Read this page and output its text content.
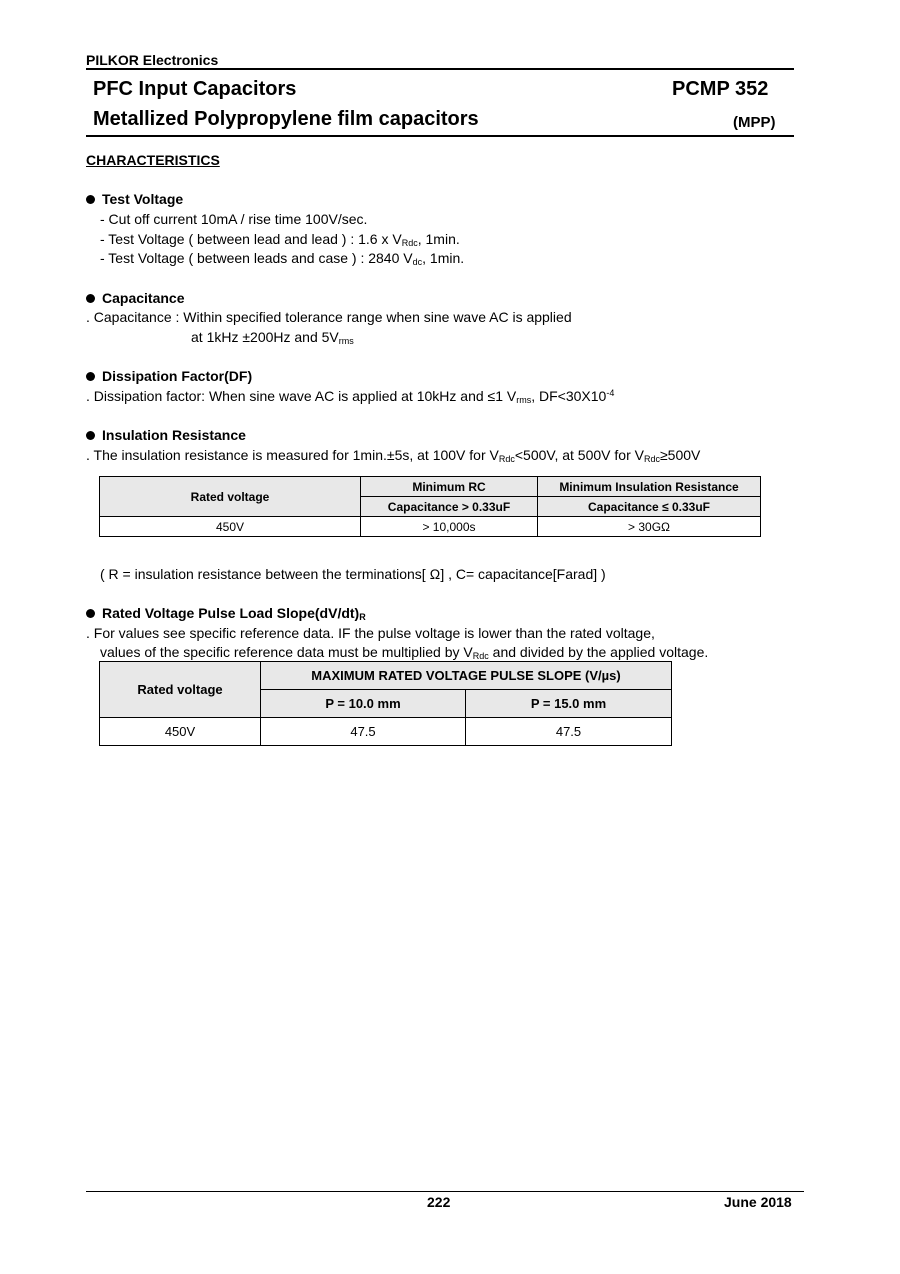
PILKOR Electronics
PFC Input Capacitors	PCMP 352
Metallized Polypropylene film capacitors	(MPP)
CHARACTERISTICS
Test Voltage
- Cut off current 10mA / rise time 100V/sec.
- Test Voltage ( between lead and lead ) : 1.6 x $V_{Rdc}$, 1min.
- Test Voltage ( between leads and case ) : 2840 $V_{dc}$, 1min.
Capacitance
. Capacitance : Within specified tolerance range when sine wave AC is applied
at 1kHz ±200Hz and $5V_{rms}$
Dissipation Factor(DF)
. Dissipation factor: When sine wave AC is applied at 10kHz and ≤1 $V_{rms}$, $DF<30X10^{-4}$
Insulation Resistance
. The insulation resistance is measured for 1min.±5s, at 100V for $V_{Rdc}<500V$, at 500V for $V_{Rdc}\ge 500V$
Rated voltage	Minimum RC	Minimum Insulation Resistance
	Capacitance > 0.33uF	Capacitance ≤ 0.33uF
450V	> 10,000s	> 30GΩ
( R = insulation resistance between the terminations[ Ω] , C= capacitance[Farad] )
Rated Voltage Pulse Load $Slope(dV/dt)_R$
. For values see specific reference data. IF the pulse voltage is lower than the rated voltage,
values of the specific reference data must be multiplied by $V_{Rdc}$ and divided by the applied voltage.
Rated voltage	MAXIMUM RATED VOLTAGE PULSE SLOPE (V/µs)	
	P = 10.0 mm	P = 15.0 mm
450V	47.5	47.5
222	June 2018
